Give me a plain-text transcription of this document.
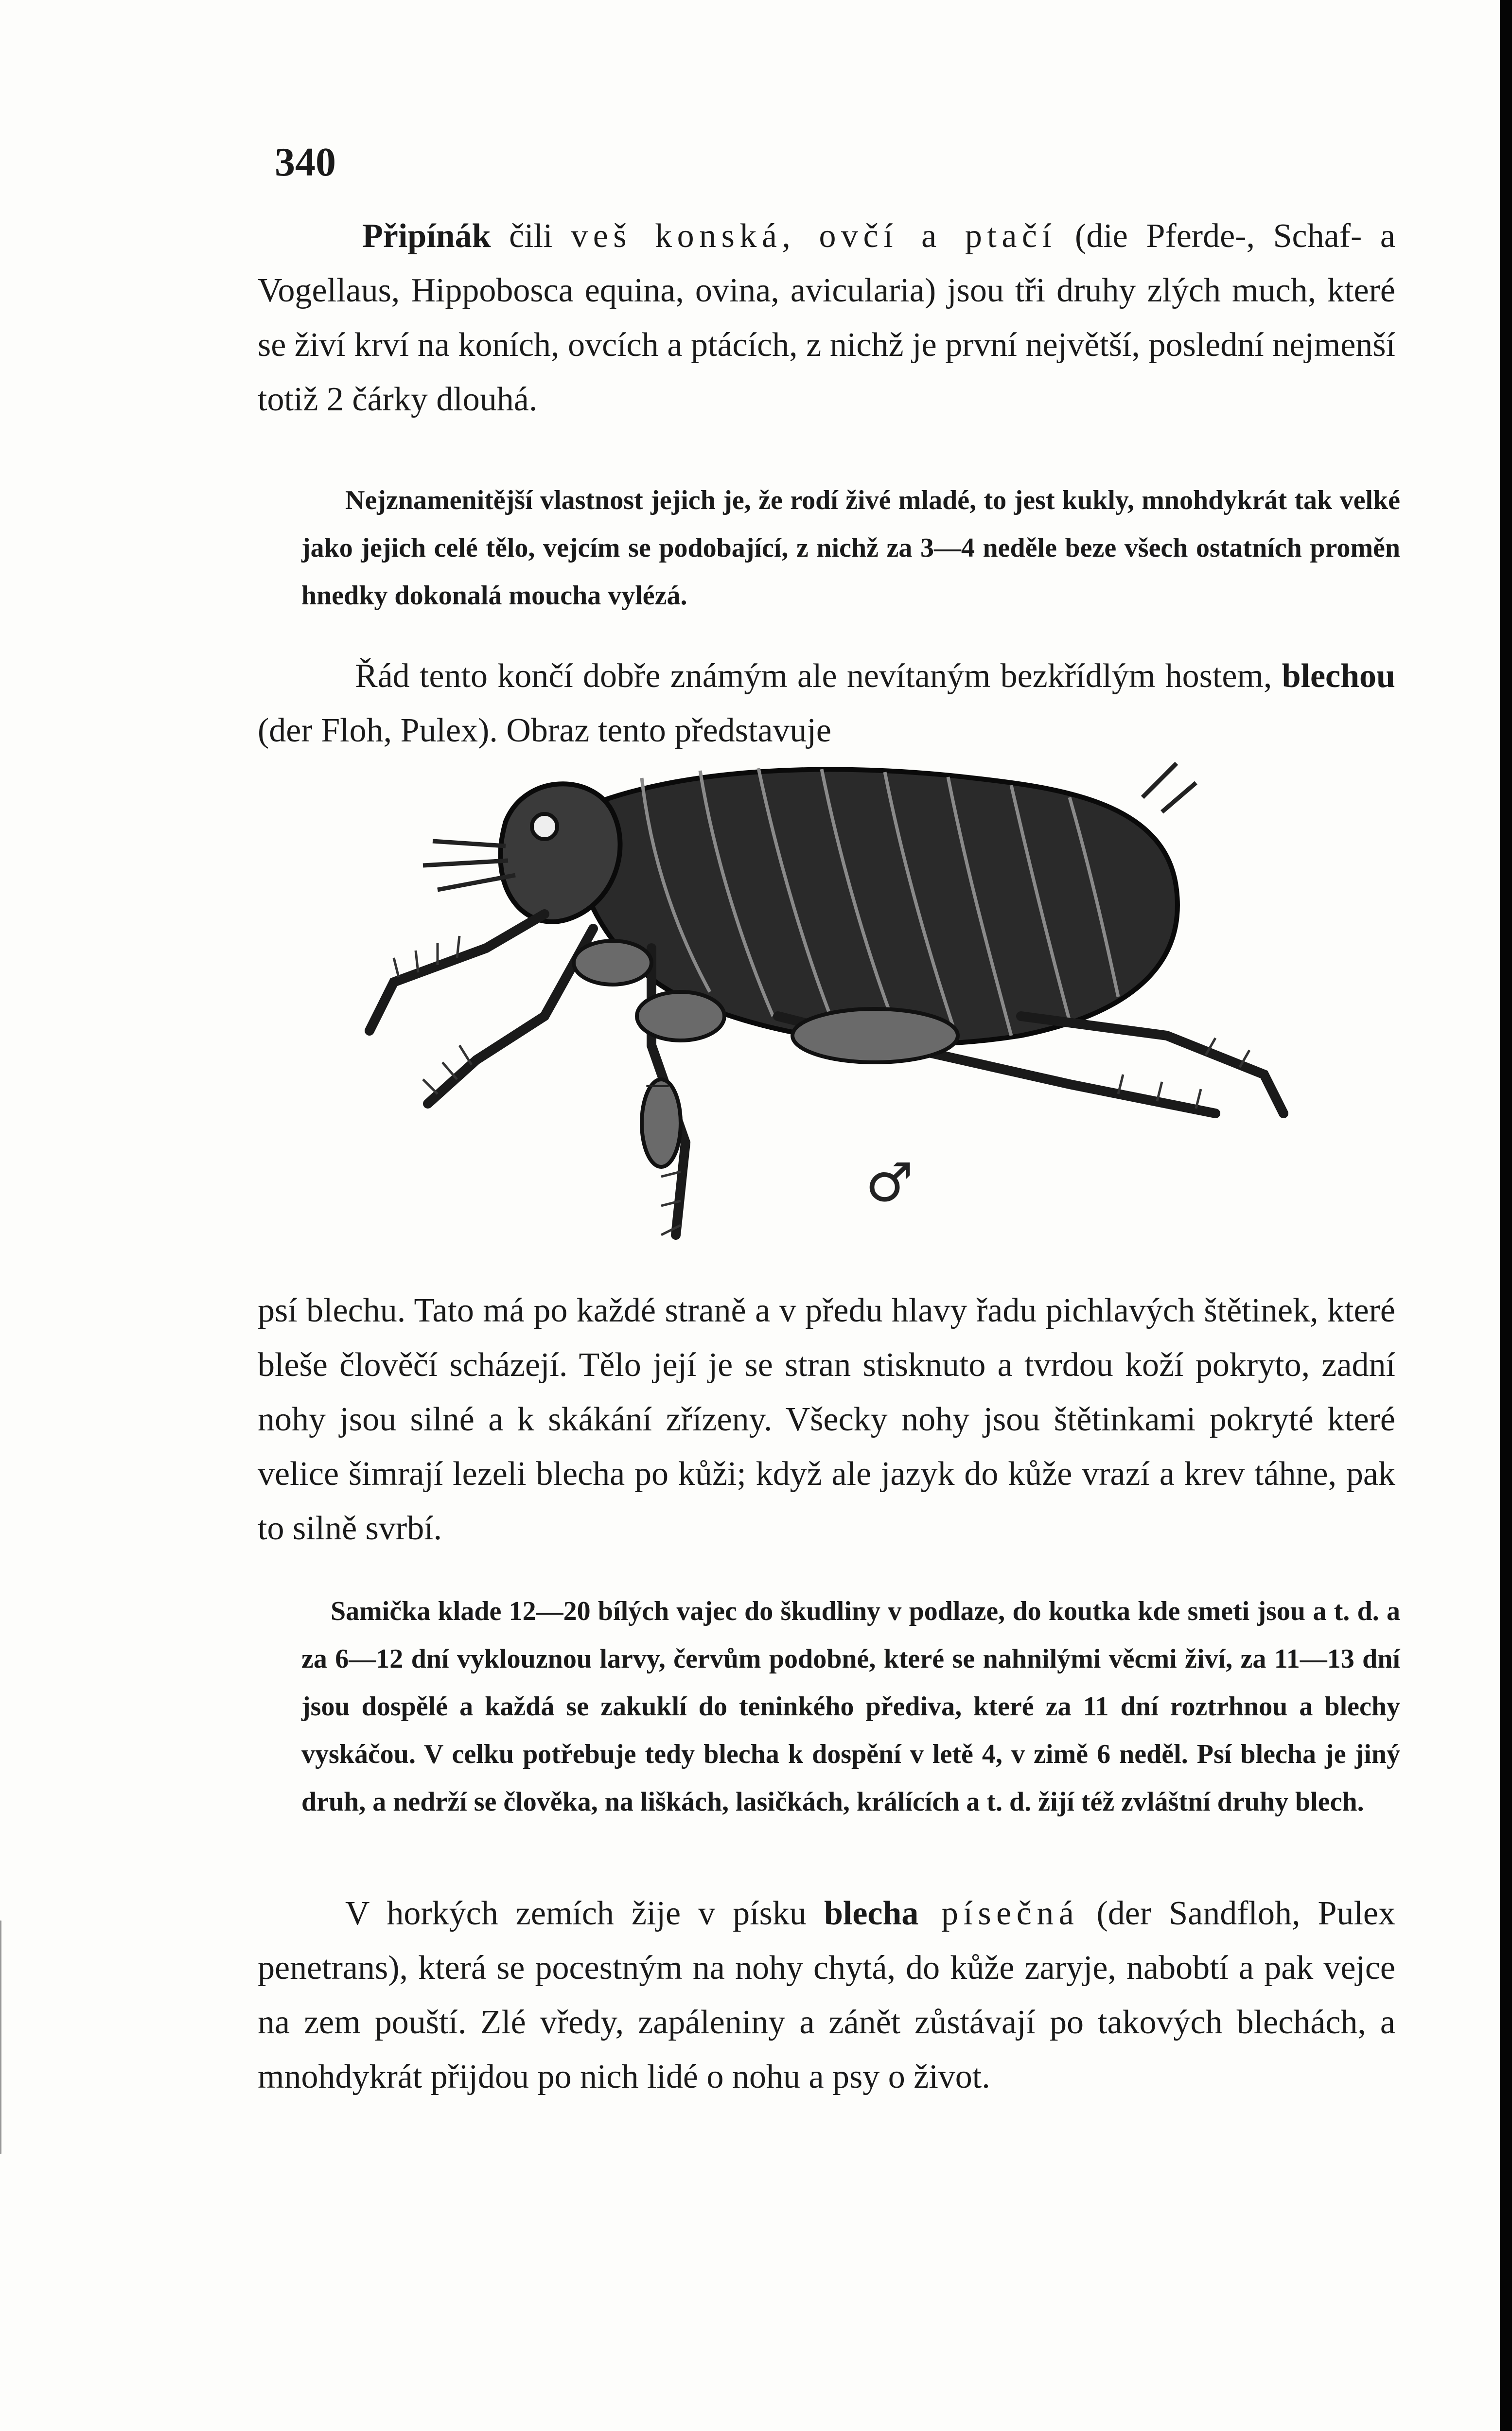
340
Připínák čili veš konská, ovčí a ptačí (die Pferde-, Schaf- a Vogellaus, Hippobosca equina, ovina, avicularia) jsou tři druhy zlých much, které se živí krví na koních, ovcích a ptácích, z nichž je první největší, poslední nejmenší totiž 2 čárky dlouhá.
Nejznamenitější vlastnost jejich je, že rodí živé mladé, to jest kukly, mnohdykrát tak velké jako jejich celé tělo, vejcím se podobající, z nichž za 3—4 neděle beze všech ostatních proměn hnedky dokonalá moucha vylézá.
Řád tento končí dobře známým ale nevítaným bezkřídlým hostem, blechou (der Floh, Pulex). Obraz tento představuje
–
♂
psí blechu. Tato má po každé straně a v předu hlavy řadu pichlavých štětinek, které bleše člověčí scházejí. Tělo její je se stran stisknuto a tvrdou koží pokryto, zadní nohy jsou silné a k skákání zřízeny. Všecky nohy jsou štětinkami pokryté které velice šimrají lezeli blecha po kůži; když ale jazyk do kůže vrazí a krev táhne, pak to silně svrbí.
Samička klade 12—20 bílých vajec do škudliny v podlaze, do koutka kde smeti jsou a t. d. a za 6—12 dní vyklouznou larvy, červům podobné, které se nahnilými věcmi živí, za 11—13 dní jsou dospělé a každá se zakuklí do teninkého přediva, které za 11 dní roztrhnou a blechy vyskáčou. V celku potřebuje tedy blecha k dospění v letě 4, v zimě 6 neděl. Psí blecha je jiný druh, a nedrží se člověka, na liškách, lasičkách, králících a t. d. žijí též zvláštní druhy blech.
V horkých zemích žije v písku blecha písečná (der Sandfloh, Pulex penetrans), která se pocestným na nohy chytá, do kůže zaryje, nabobtí a pak vejce na zem pouští. Zlé vředy, zapáleniny a zánět zůstávají po takových blechách, a mnohdykrát přijdou po nich lidé o nohu a psy o život.
